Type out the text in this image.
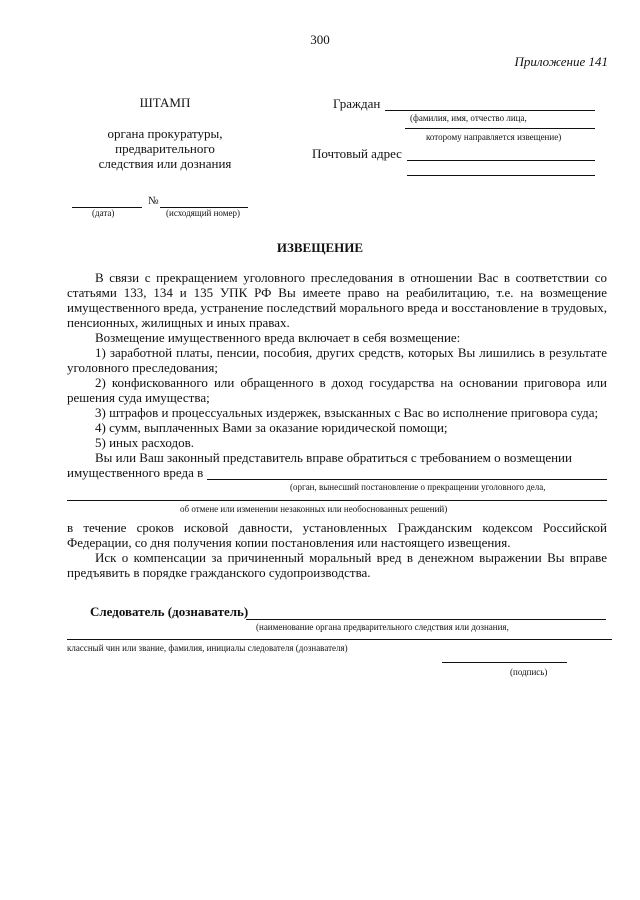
300
Приложение 141
ШТАМП
органа прокуратуры,
предварительного
следствия или дознания
Граждан
(фамилия, имя, отчество лица,
которому направляется извещение)
Почтовый адрес
№
(дата)	(исходящий номер)
ИЗВЕЩЕНИЕ

В связи с прекращением уголовного преследования в отношении Вас в соответствии со статьями 133, 134 и 135 УПК РФ Вы имеете право на реабилитацию, т.е. на возмещение имущественного вреда, устранение последствий морального вреда и восстановление в трудовых, пенсионных, жилищных и иных правах.

Возмещение имущественного вреда включает в себя возмещение:

1) заработной платы, пенсии, пособия, других средств, которых Вы лишились в результате уголовного преследования;

2) конфискованного или обращенного в доход государства на основании приговора или решения суда имущества;

3) штрафов и процессуальных издержек, взысканных с Вас во исполнение приговора суда;

4) сумм, выплаченных Вами за оказание юридической помощи;

5) иных расходов.

Вы или Ваш законный представитель вправе обратиться с требованием о возмещении

имущественного вреда в
(орган, вынесший постановление о прекращении уголовного дела,
об отмене или изменении незаконных или необоснованных решений)

в течение сроков исковой давности, установленных Гражданским кодексом Российской Федерации, со дня получения копии постановления или настоящего извещения.

Иск о компенсации за причиненный моральный вред в денежном выражении Вы вправе предъявить в порядке гражданского судопроизводства.

Следователь (дознаватель)
(наименование органа предварительного следствия или дознания,
классный чин или звание, фамилия, инициалы следователя (дознавателя)
(подпись)
